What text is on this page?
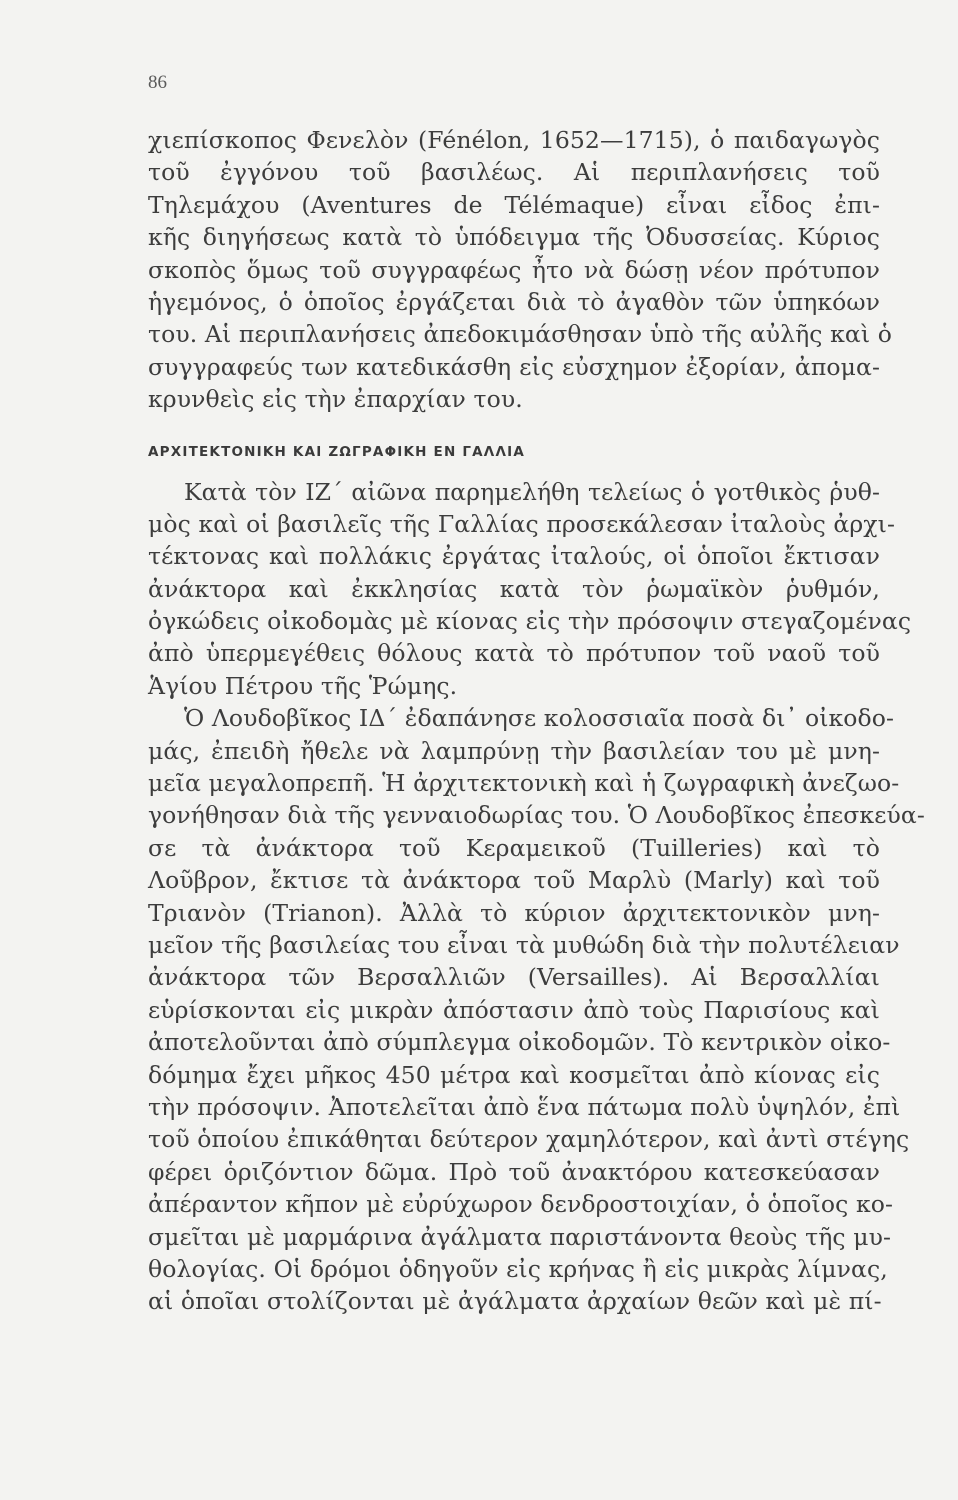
86
χιεπίσκοπος Φενελὸν (Fénélon, 1652—1715), ὁ παιδαγωγὸς
τοῦ ἐγγόνου τοῦ βασιλέως. Αἱ περιπλανήσεις τοῦ
Τηλεμάχου (Aventures de Télémaque) εἶναι εἶδος ἐπι-
κῆς διηγήσεως κατὰ τὸ ὑπόδειγμα τῆς Ὀδυσσείας. Κύριος
σκοπὸς ὅμως τοῦ συγγραφέως ἦτο νὰ δώσῃ νέον πρότυπον
ἡγεμόνος, ὁ ὁποῖος ἐργάζεται διὰ τὸ ἀγαθὸν τῶν ὑπηκόων
του. Αἱ περιπλανήσεις ἀπεδοκιμάσθησαν ὑπὸ τῆς αὐλῆς καὶ ὁ
συγγραφεύς των κατεδικάσθη εἰς εὐσχημον ἐξορίαν, ἀπομα-
κρυνθεὶς εἰς τὴν ἐπαρχίαν του.
ΑΡΧΙΤΕΚΤΟΝΙΚΗ ΚΑΙ ΖΩΓΡΑΦΙΚΗ ΕΝ ΓΑΛΛΙΑ
Κατὰ τὸν ΙΖ´ αἰῶνα παρημελήθη τελείως ὁ γοτθικὸς ῥυθ-
μὸς καὶ οἱ βασιλεῖς τῆς Γαλλίας προσεκάλεσαν ἰταλοὺς ἀρχι-
τέκτονας καὶ πολλάκις ἐργάτας ἰταλούς, οἱ ὁποῖοι ἔκτισαν
ἀνάκτορα καὶ ἐκκλησίας κατὰ τὸν ῥωμαϊκὸν ῥυθμόν,
ὀγκώδεις οἰκοδομὰς μὲ κίονας εἰς τὴν πρόσοψιν στεγαζομένας
ἀπὸ ὑπερμεγέθεις θόλους κατὰ τὸ πρότυπον τοῦ ναοῦ τοῦ
Ἁγίου Πέτρου τῆς Ῥώμης.
Ὁ Λουδοβῖκος ΙΔ´ ἐδαπάνησε κολοσσιαῖα ποσὰ δι᾽ οἰκοδο-
μάς, ἐπειδὴ ἤθελε νὰ λαμπρύνῃ τὴν βασιλείαν του μὲ μνη-
μεῖα μεγαλοπρεπῆ. Ἡ ἀρχιτεκτονικὴ καὶ ἡ ζωγραφικὴ ἀνεζωο-
γονήθησαν διὰ τῆς γενναιοδωρίας του. Ὁ Λουδοβῖκος ἐπεσκεύα-
σε τὰ ἀνάκτορα τοῦ Κεραμεικοῦ (Tuilleries) καὶ τὸ
Λοῦβρον, ἔκτισε τὰ ἀνάκτορα τοῦ Μαρλὺ (Marly) καὶ τοῦ
Τριανὸν (Trianon). Ἀλλὰ τὸ κύριον ἀρχιτεκτονικὸν μνη-
μεῖον τῆς βασιλείας του εἶναι τὰ μυθώδη διὰ τὴν πολυτέλειαν
ἀνάκτορα τῶν Βερσαλλιῶν (Versailles). Αἱ Βερσαλλίαι
εὑρίσκονται εἰς μικρὰν ἀπόστασιν ἀπὸ τοὺς Παρισίους καὶ
ἀποτελοῦνται ἀπὸ σύμπλεγμα οἰκοδομῶν. Τὸ κεντρικὸν οἰκο-
δόμημα ἔχει μῆκος 450 μέτρα καὶ κοσμεῖται ἀπὸ κίονας εἰς
τὴν πρόσοψιν. Ἀποτελεῖται ἀπὸ ἕνα πάτωμα πολὺ ὑψηλόν, ἐπὶ
τοῦ ὁποίου ἐπικάθηται δεύτερον χαμηλότερον, καὶ ἀντὶ στέγης
φέρει ὁριζόντιον δῶμα. Πρὸ τοῦ ἀνακτόρου κατεσκεύασαν
ἀπέραντον κῆπον μὲ εὐρύχωρον δενδροστοιχίαν, ὁ ὁποῖος κο-
σμεῖται μὲ μαρμάρινα ἀγάλματα παριστάνοντα θεοὺς τῆς μυ-
θολογίας. Οἱ δρόμοι ὁδηγοῦν εἰς κρήνας ἢ εἰς μικρὰς λίμνας,
αἱ ὁποῖαι στολίζονται μὲ ἀγάλματα ἀρχαίων θεῶν καὶ μὲ πί-
